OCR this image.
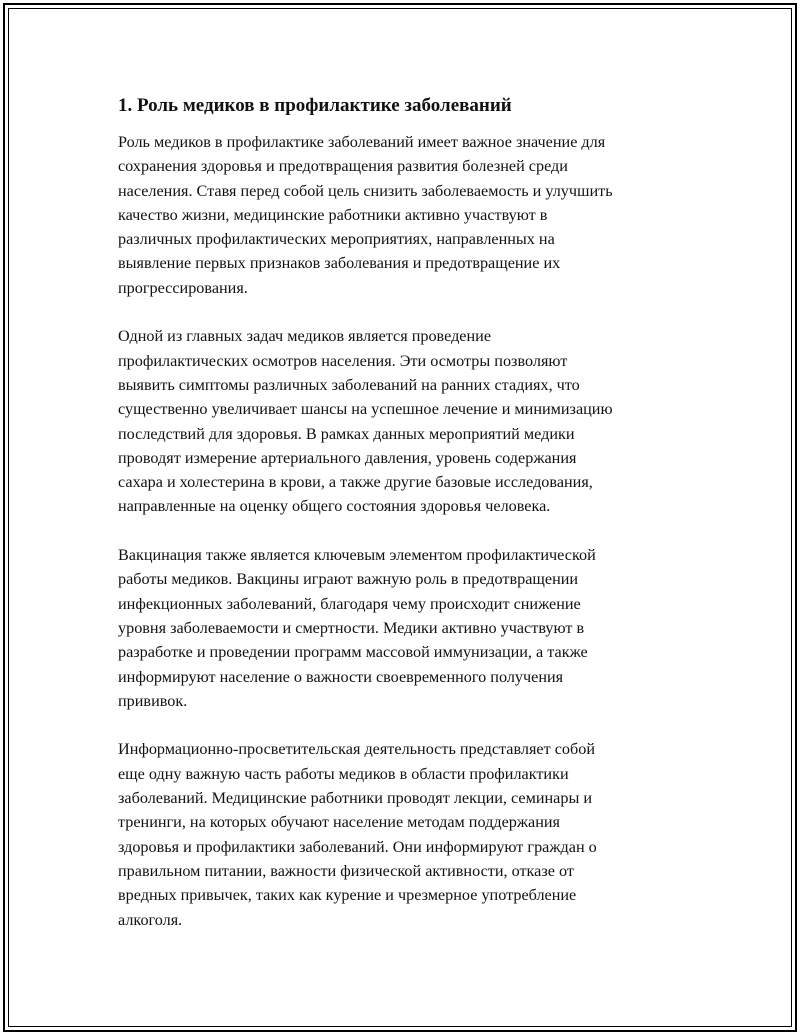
1. Роль медиков в профилактике заболеваний
Роль медиков в профилактике заболеваний имеет важное значение для
сохранения здоровья и предотвращения развития болезней среди
населения. Ставя перед собой цель снизить заболеваемость и улучшить
качество жизни, медицинские работники активно участвуют в
различных профилактических мероприятиях, направленных на
выявление первых признаков заболевания и предотвращение их
прогрессирования.
Одной из главных задач медиков является проведение
профилактических осмотров населения. Эти осмотры позволяют
выявить симптомы различных заболеваний на ранних стадиях, что
существенно увеличивает шансы на успешное лечение и минимизацию
последствий для здоровья. В рамках данных мероприятий медики
проводят измерение артериального давления, уровень содержания
сахара и холестерина в крови, а также другие базовые исследования,
направленные на оценку общего состояния здоровья человека.
Вакцинация также является ключевым элементом профилактической
работы медиков. Вакцины играют важную роль в предотвращении
инфекционных заболеваний, благодаря чему происходит снижение
уровня заболеваемости и смертности. Медики активно участвуют в
разработке и проведении программ массовой иммунизации, а также
информируют население о важности своевременного получения
прививок.
Информационно-просветительская деятельность представляет собой
еще одну важную часть работы медиков в области профилактики
заболеваний. Медицинские работники проводят лекции, семинары и
тренинги, на которых обучают население методам поддержания
здоровья и профилактики заболеваний. Они информируют граждан о
правильном питании, важности физической активности, отказе от
вредных привычек, таких как курение и чрезмерное употребление
алкоголя.
